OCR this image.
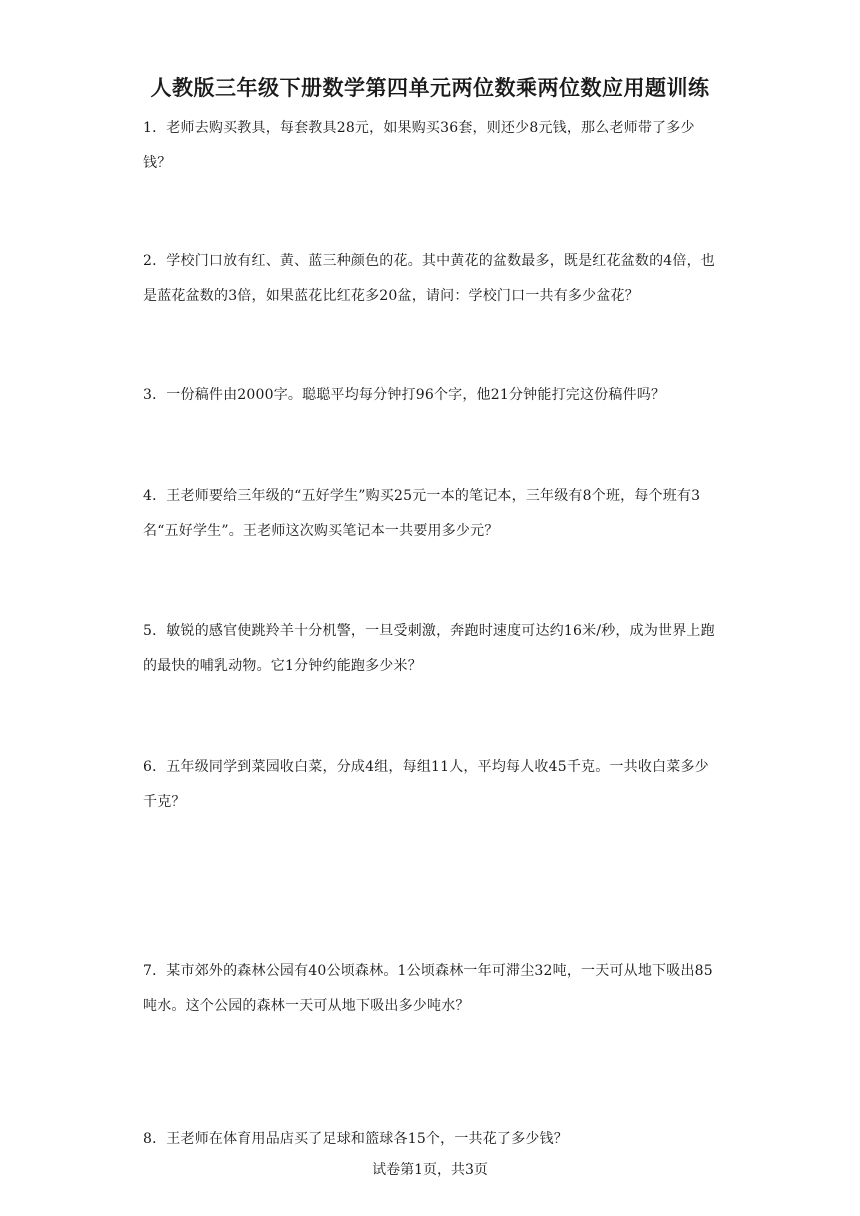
人教版三年级下册数学第四单元两位数乘两位数应用题训练
1．老师去购买教具，每套教具28元，如果购买36套，则还少8元钱，那么老师带了多少钱？
2．学校门口放有红、黄、蓝三种颜色的花。其中黄花的盆数最多，既是红花盆数的4倍，也是蓝花盆数的3倍，如果蓝花比红花多20盆，请问：学校门口一共有多少盆花？
3．一份稿件由2000字。聪聪平均每分钟打96个字，他21分钟能打完这份稿件吗？
4．王老师要给三年级的“五好学生”购买25元一本的笔记本，三年级有8个班，每个班有3名“五好学生”。王老师这次购买笔记本一共要用多少元？
5．敏锐的感官使跳羚羊十分机警，一旦受刺激，奔跑时速度可达约16米/秒，成为世界上跑的最快的哺乳动物。它1分钟约能跑多少米？
6．五年级同学到菜园收白菜，分成4组，每组11人，平均每人收45千克。一共收白菜多少千克？
7．某市郊外的森林公园有40公顷森林。1公顷森林一年可滞尘32吨，一天可从地下吸出85吨水。这个公园的森林一天可从地下吸出多少吨水？
8．王老师在体育用品店买了足球和篮球各15个，一共花了多少钱？
试卷第1页，共3页
